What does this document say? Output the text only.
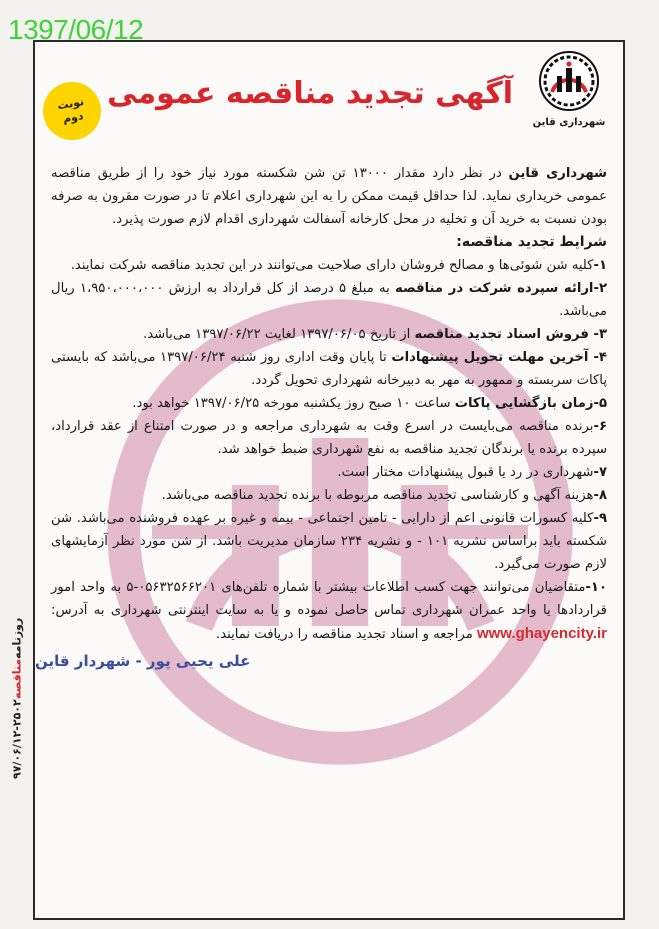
1397/06/12
روزنامه
مناقصه
۹۷/۰۶/۱۲-۲۵۰۲
شهرداری قاین
آگهی تجدید مناقصه عمومی
نوبت
دوم

شهرداری قاین در نظر دارد مقدار ۱۳۰۰۰ تن شن شکسته مورد نیاز خود را از طریق مناقصه عمومی خریداری نماید. لذا حداقل قیمت ممکن را به این شهرداری اعلام تا در صورت مقرون به صرفه بودن نسبت به خرید آن و تخلیه در محل کارخانه آسفالت شهرداری اقدام لازم صورت پذیرد.

شرایط تجدید مناقصه:

۱-کلیه شن شوئی‌ها و مصالح فروشان دارای صلاحیت می‌توانند در این تجدید مناقصه شرکت نمایند.

۲-ارائه سپرده شرکت در مناقصه به مبلغ ۵ درصد از کل قرارداد به ارزش ۱،۹۵۰،۰۰۰،۰۰۰ ریال می‌باشد.

۳- فروش اسناد تجدید مناقصه از تاریخ ۱۳۹۷/۰۶/۰۵ لغایت ۱۳۹۷/۰۶/۲۲ می‌باشد.

۴- آخرین مهلت تحویل پیشنهادات تا پایان وقت اداری روز شنبه ۱۳۹۷/۰۶/۲۴ می‌باشد که بایستی پاکات سربسته و ممهور به مهر به دبیرخانه شهرداری تحویل گردد.

۵-زمان بازگشایی پاکات ساعت ۱۰ صبح روز یکشنبه مورخه ۱۳۹۷/۰۶/۲۵ خواهد بود.

۶-برنده مناقصه می‌بایست در اسرع وقت به شهرداری مراجعه و در صورت امتناع از عقد قرارداد، سپرده برنده یا برندگان تجدید مناقصه به نفع شهرداری ضبط خواهد شد.

۷-شهرداری در رد یا قبول پیشنهادات مختار است.

۸-هزینه آگهی و کارشناسی تجدید مناقصه مربوطه با برنده تجدید مناقصه می‌باشد.

۹-کلیه کسورات قانونی اعم از دارایی - تامین اجتماعی - بیمه و غیره بر عهده فروشنده می‌باشد. شن شکسته باید براساس نشریه ۱۰۱ - و نشریه ۲۳۴ سازمان مدیریت باشد. از شن مورد نظر آزمایشهای لازم صورت می‌گیرد.

۱۰-متقاضیان می‌توانند جهت کسب اطلاعات بیشتر با شماره تلفن‌های ۰۵۶۳۲۵۶۶۲۰۱-۵ به واحد امور قراردادها یا واحد عمران شهرداری تماس حاصل نموده و یا به سایت اینترنتی شهرداری به آدرس: www.ghayencity.ir مراجعه و اسناد تجدید مناقصه را دریافت نمایند.

علی یحیی پور - شهردار قاین
